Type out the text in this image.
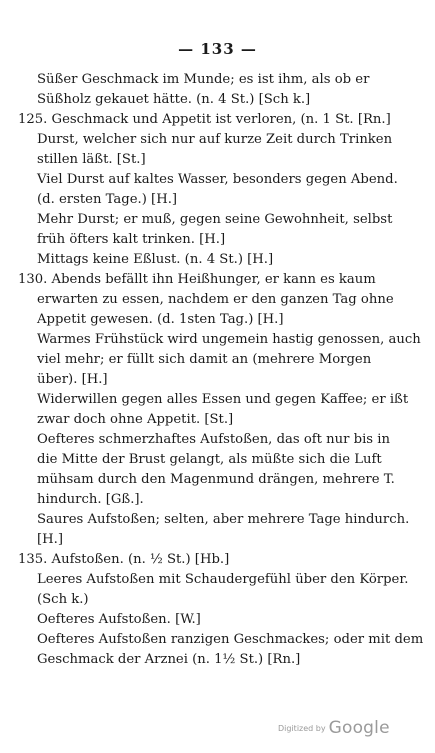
— 133 —
Süßer Geschmack im Munde; es ist ihm, als ob er
Süßholz gekauet hätte. (n. 4 St.) [Sch k.]
125. Geschmack und Appetit ist verloren, (n. 1 St. [Rn.]
Durst, welcher sich nur auf kurze Zeit durch Trinken
stillen läßt. [St.]
Viel Durst auf kaltes Wasser, besonders gegen Abend.
(d. ersten Tage.) [H.]
Mehr Durst; er muß, gegen seine Gewohnheit, selbst
früh öfters kalt trinken. [H.]
Mittags keine Eßlust. (n. 4 St.) [H.]
130. Abends befällt ihn Heißhunger, er kann es kaum
erwarten zu essen, nachdem er den ganzen Tag ohne
Appetit gewesen. (d. 1sten Tag.) [H.]
Warmes Frühstück wird ungemein hastig genossen, auch
viel mehr; er füllt sich damit an (mehrere Morgen
über). [H.]
Widerwillen gegen alles Essen und gegen Kaffee; er ißt
zwar doch ohne Appetit. [St.]
Oefteres schmerzhaftes Aufstoßen, das oft nur bis in
die Mitte der Brust gelangt, als müßte sich die Luft
mühsam durch den Magenmund drängen, mehrere T.
hindurch. [Gß.].
Saures Aufstoßen; selten, aber mehrere Tage hindurch.
[H.]
135. Aufstoßen. (n. ½ St.) [Hb.]
Leeres Aufstoßen mit Schaudergefühl über den Körper.
(Sch k.)
Oefteres Aufstoßen. [W.]
Oefteres Aufstoßen ranzigen Geschmackes; oder mit dem
Geschmack der Arznei (n. 1½ St.) [Rn.]
Digitized by Google
